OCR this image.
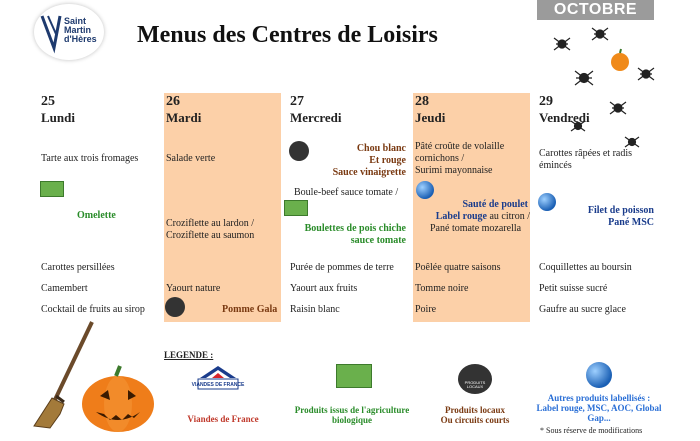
Saint
Martin
d'Hères Menus des Centres de Loisirs
OCTOBRE
25
Lundi
26
Mardi
27
Mercredi
28
Jeudi
29
Vendredi
Tarte aux trois fromages
Omelette
Carottes persillées
Camembert
Cocktail de fruits au sirop
Salade verte
Croziflette au lardon /
Croziflette au saumon
Yaourt nature
Pomme Gala
Chou blanc
Et rouge
Sauce vinaigrette
Boule-beef sauce tomate /
Boulettes de pois chiche
sauce tomate
Purée de pommes de terre
Yaourt aux fruits
Raisin blanc
Pâté croûte de volaille
cornichons /
Surimi mayonnaise
Sauté de poulet
Label rouge au citron /
Pané tomate mozarella
Poêlée quatre saisons
Tomme noire
Poire
Carottes râpées et radis
émincés
Filet de poisson
Pané MSC
Coquillettes au boursin
Petit suisse sucré
Gaufre au sucre glace
LEGENDE :
VIANDES DE FRANCE
Viandes de France
Produits issus de l'agriculture
biologique
PRODUITS LOCAUX
Produits locaux
Ou circuits courts
Autres produits labellisés :
Label rouge, MSC, AOC, Global
Gap...
* Sous réserve de modifications
